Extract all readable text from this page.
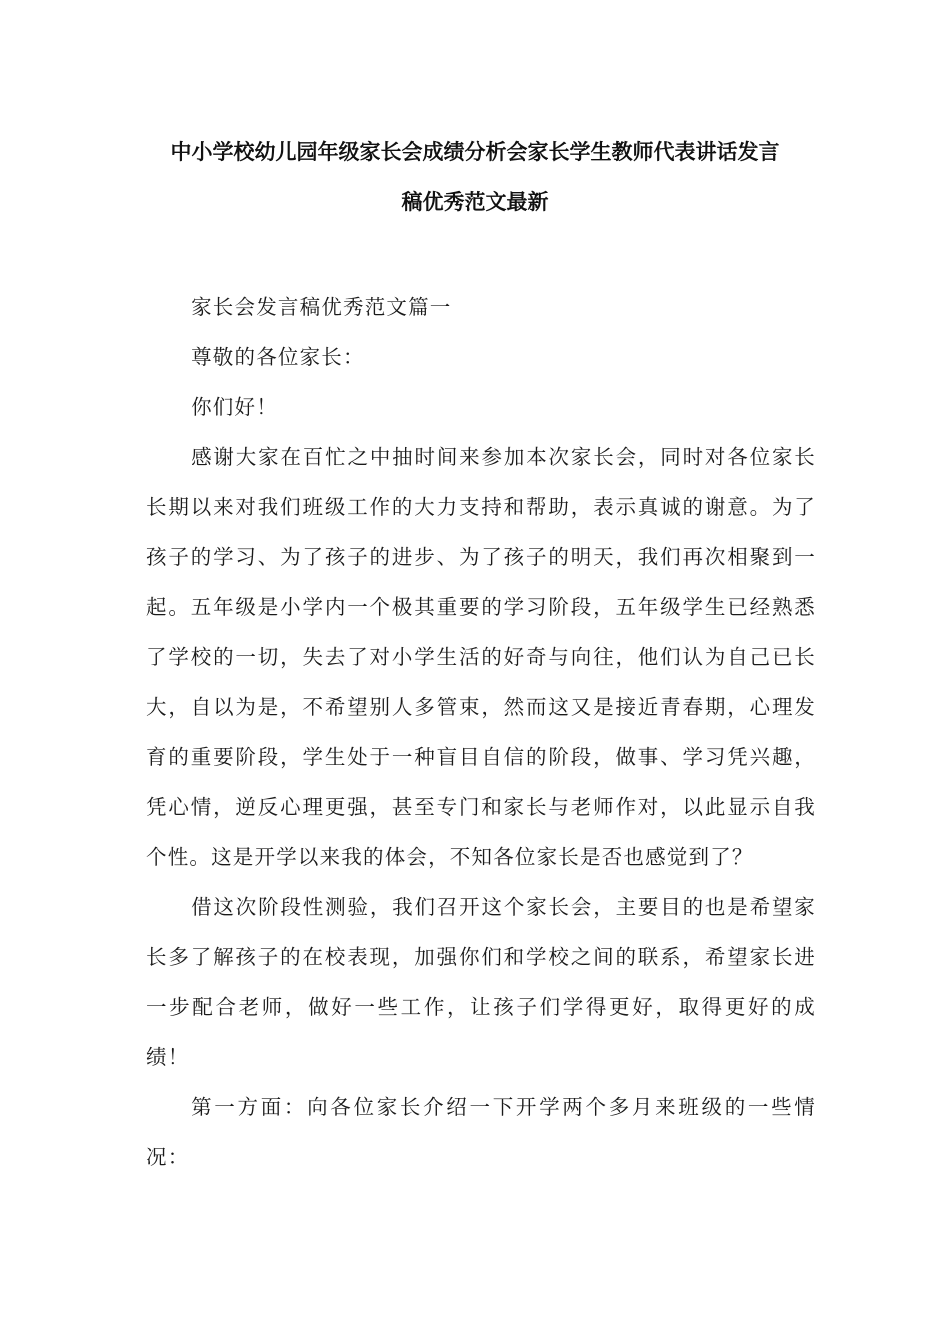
中小学校幼儿园年级家长会成绩分析会家长学生教师代表讲话发言
稿优秀范文最新

家长会发言稿优秀范文篇一

尊敬的各位家长：

你们好！

感谢大家在百忙之中抽时间来参加本次家长会，同时对各位家长长期以来对我们班级工作的大力支持和帮助，表示真诚的谢意。为了孩子的学习、为了孩子的进步、为了孩子的明天，我们再次相聚到一起。五年级是小学内一个极其重要的学习阶段，五年级学生已经熟悉了学校的一切，失去了对小学生活的好奇与向往，他们认为自己已长大，自以为是，不希望别人多管束，然而这又是接近青春期，心理发育的重要阶段，学生处于一种盲目自信的阶段，做事、学习凭兴趣，凭心情，逆反心理更强，甚至专门和家长与老师作对，以此显示自我个性。这是开学以来我的体会，不知各位家长是否也感觉到了？

借这次阶段性测验，我们召开这个家长会，主要目的也是希望家长多了解孩子的在校表现，加强你们和学校之间的联系，希望家长进一步配合老师，做好一些工作，让孩子们学得更好，取得更好的成绩！

第一方面：向各位家长介绍一下开学两个多月来班级的一些情况：
